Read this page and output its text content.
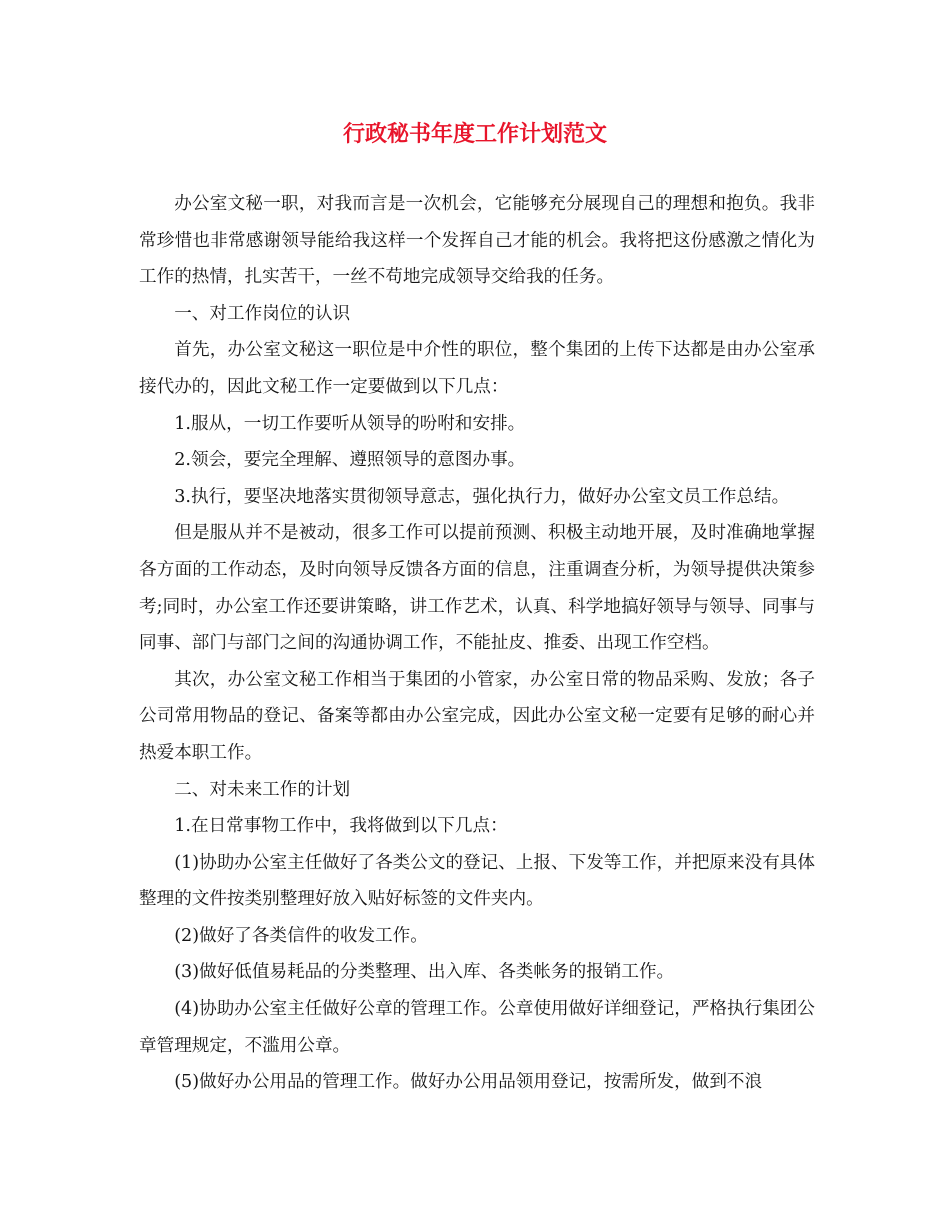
行政秘书年度工作计划范文

办公室文秘一职，对我而言是一次机会，它能够充分展现自己的理想和抱负。我非常珍惜也非常感谢领导能给我这样一个发挥自己才能的机会。我将把这份感激之情化为工作的热情，扎实苦干，一丝不苟地完成领导交给我的任务。

一、对工作岗位的认识

首先，办公室文秘这一职位是中介性的职位，整个集团的上传下达都是由办公室承接代办的，因此文秘工作一定要做到以下几点：

1.服从，一切工作要听从领导的吩咐和安排。

2.领会，要完全理解、遵照领导的意图办事。

3.执行，要坚决地落实贯彻领导意志，强化执行力，做好办公室文员工作总结。

但是服从并不是被动，很多工作可以提前预测、积极主动地开展，及时准确地掌握各方面的工作动态，及时向领导反馈各方面的信息，注重调查分析，为领导提供决策参考;同时，办公室工作还要讲策略，讲工作艺术，认真、科学地搞好领导与领导、同事与同事、部门与部门之间的沟通协调工作，不能扯皮、推委、出现工作空档。

其次，办公室文秘工作相当于集团的小管家，办公室日常的物品采购、发放；各子公司常用物品的登记、备案等都由办公室完成，因此办公室文秘一定要有足够的耐心并热爱本职工作。

二、对未来工作的计划

1.在日常事物工作中，我将做到以下几点：

(1)协助办公室主任做好了各类公文的登记、上报、下发等工作，并把原来没有具体整理的文件按类别整理好放入贴好标签的文件夹内。

(2)做好了各类信件的收发工作。

(3)做好低值易耗品的分类整理、出入库、各类帐务的报销工作。

(4)协助办公室主任做好公章的管理工作。公章使用做好详细登记，严格执行集团公章管理规定，不滥用公章。

(5)做好办公用品的管理工作。做好办公用品领用登记，按需所发，做到不浪
